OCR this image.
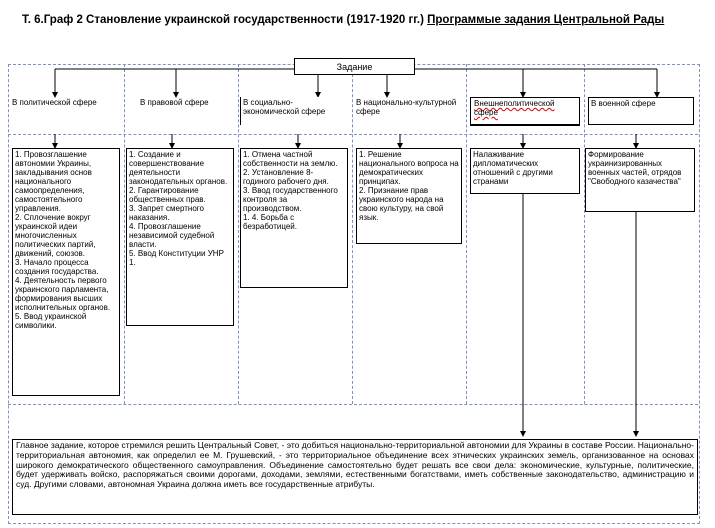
Т. 6.Граф 2 Становление украинской государственности (1917-1920 гг.) Программые задания Центральной Рады
Задание
В политической сфере	В правовой сфере	В социально-экономической сфере
В национально-культурной сфере
Внешнеполитической сфере
В военной сфере

1. Провозглашение автономии Украины, закладывания основ национального самоопределения, самостоятельного управления.

2. Сплочение вокруг украинской идеи многочисленных политических партий, движений, союзов.

3. Начало процесса создания государства.

4. Деятельность первого украинского парламента, формирования высших исполнительных органов.

5. Ввод украинской символики.

1. Создание и совершенствование деятельности законодательных органов.

2. Гарантирование общественных прав.

3. Запрет смертного наказания.

4. Провозглашение независимой судебной власти.

5. Ввод Конституции УНР

1.

1. Отмена частной собственности на землю.

2. Установление 8-годиного рабочего дня.

3. Ввод государственного контроля за производством.

1. 4. Борьба с безработицей.

1. Решение национального вопроса на демократических принципах.

2. Признание прав украинского народа на свою культуру, на свой язык.

Налаживание дипломатических отношений с другими странами

Формирование украинизированных военных частей, отрядов "Свободного казачества"

Главное задание, которое стремился решить Центральный Совет, - это добиться национально-территориальной автономии для Украины в составе России. Национально-территориальная автономия, как определил ее М. Грушевский, - это территориальное объединение всех этнических украинских земель, организованное на основах широкого демократического общественного самоуправления. Объединение самостоятельно будет решать все свои дела: экономические, культурные, политические, будет удерживать войско, распоряжаться своими дорогами, доходами, землями, естественными богатствами, иметь собственные законодательство, администрацию и суд. Другими словами, автономная Украина должна иметь все государственные атрибуты.
